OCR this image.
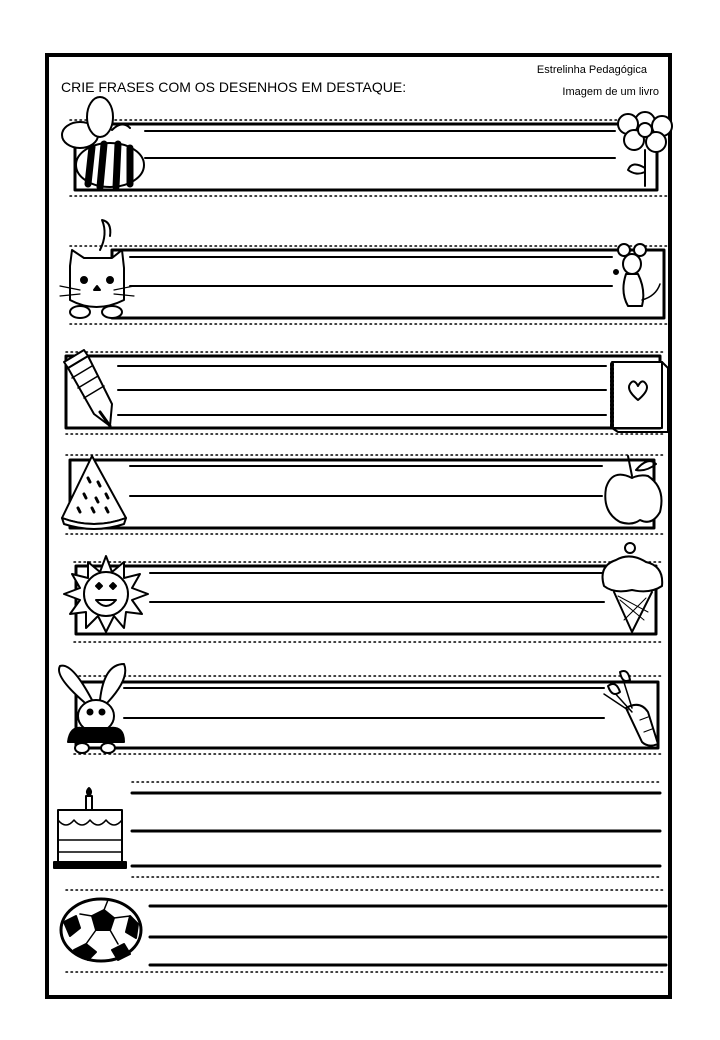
CRIE FRASES COM OS DESENHOS EM DESTAQUE:
Estrelinha Pedagógica
Imagem de um livro
